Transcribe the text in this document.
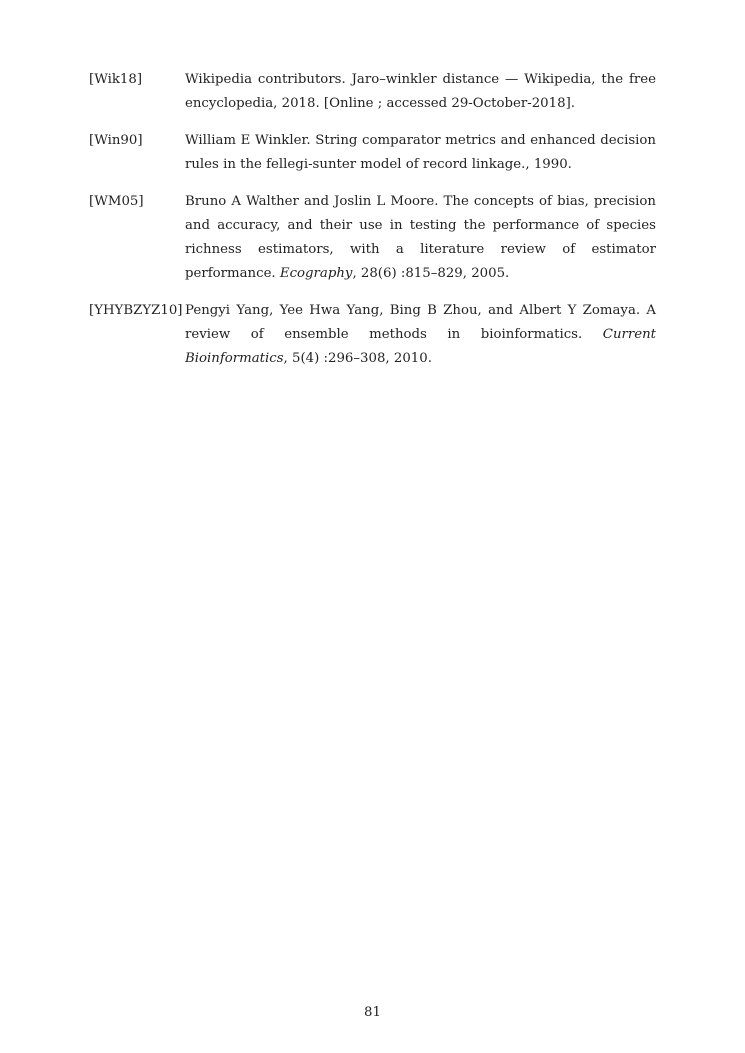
[Wik18]	Wikipedia contributors. Jaro–winkler distance — Wikipedia, the free encyclopedia, 2018. [Online ; accessed 29-October-2018].
[Win90]	William E Winkler. String comparator metrics and enhanced decision rules in the fellegi-sunter model of record linkage., 1990.
[WM05]	Bruno A Walther and Joslin L Moore. The concepts of bias, precision and accuracy, and their use in testing the performance of species richness estimators, with a literature review of estimator performance. Ecography, 28(6) :815–829, 2005.
[YHYBZYZ10] Pengyi Yang, Yee Hwa Yang, Bing B Zhou, and Albert Y Zomaya. A review of ensemble methods in bioinformatics. Current Bioinformatics, 5(4) :296–308, 2010.
81
